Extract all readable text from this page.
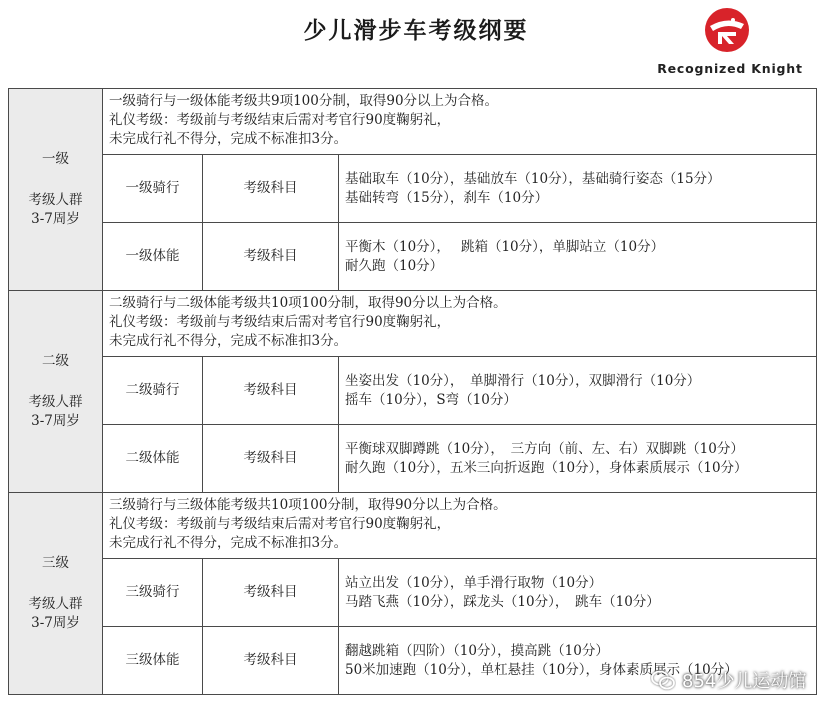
少儿滑步车考级纲要
Recognized Knight
一级
考级人群
3-7周岁	一级骑行与一级体能考级共9项100分制，取得90分以上为合格。
礼仪考级：考级前与考级结束后需对考官行90度鞠躬礼，
未完成行礼不得分，完成不标准扣3分。		

	一级骑行	考级科目	基础取车（10分），基础放车（10分），基础骑行姿态（15分）
基础转弯（15分），刹车（10分）

	一级体能	考级科目	平衡木（10分），　 跳箱（10分），单脚站立（10分）
耐久跑（10分）

二级
考级人群
3-7周岁	二级骑行与二级体能考级共10项100分制，取得90分以上为合格。
礼仪考级：考级前与考级结束后需对考官行90度鞠躬礼，
未完成行礼不得分，完成不标准扣3分。		

	二级骑行	考级科目	坐姿出发（10分），　单脚滑行（10分），双脚滑行（10分）
摇车（10分），S弯（10分）

	二级体能	考级科目	平衡球双脚蹲跳（10分），　三方向（前、左、右）双脚跳（10分）
耐久跑（10分），五米三向折返跑（10分），身体素质展示（10分）

三级
考级人群
3-7周岁	三级骑行与三级体能考级共10项100分制，取得90分以上为合格。
礼仪考级：考级前与考级结束后需对考官行90度鞠躬礼，
未完成行礼不得分，完成不标准扣3分。		

	三级骑行	考级科目	站立出发（10分），单手滑行取物（10分）
马踏飞燕（10分），踩龙头（10分），　跳车（10分）

	三级体能	考级科目	翻越跳箱（四阶）（10分），摸高跳（10分）
50米加速跑（10分），单杠悬挂（10分），身体素质展示（10分）
854少儿运动馆
